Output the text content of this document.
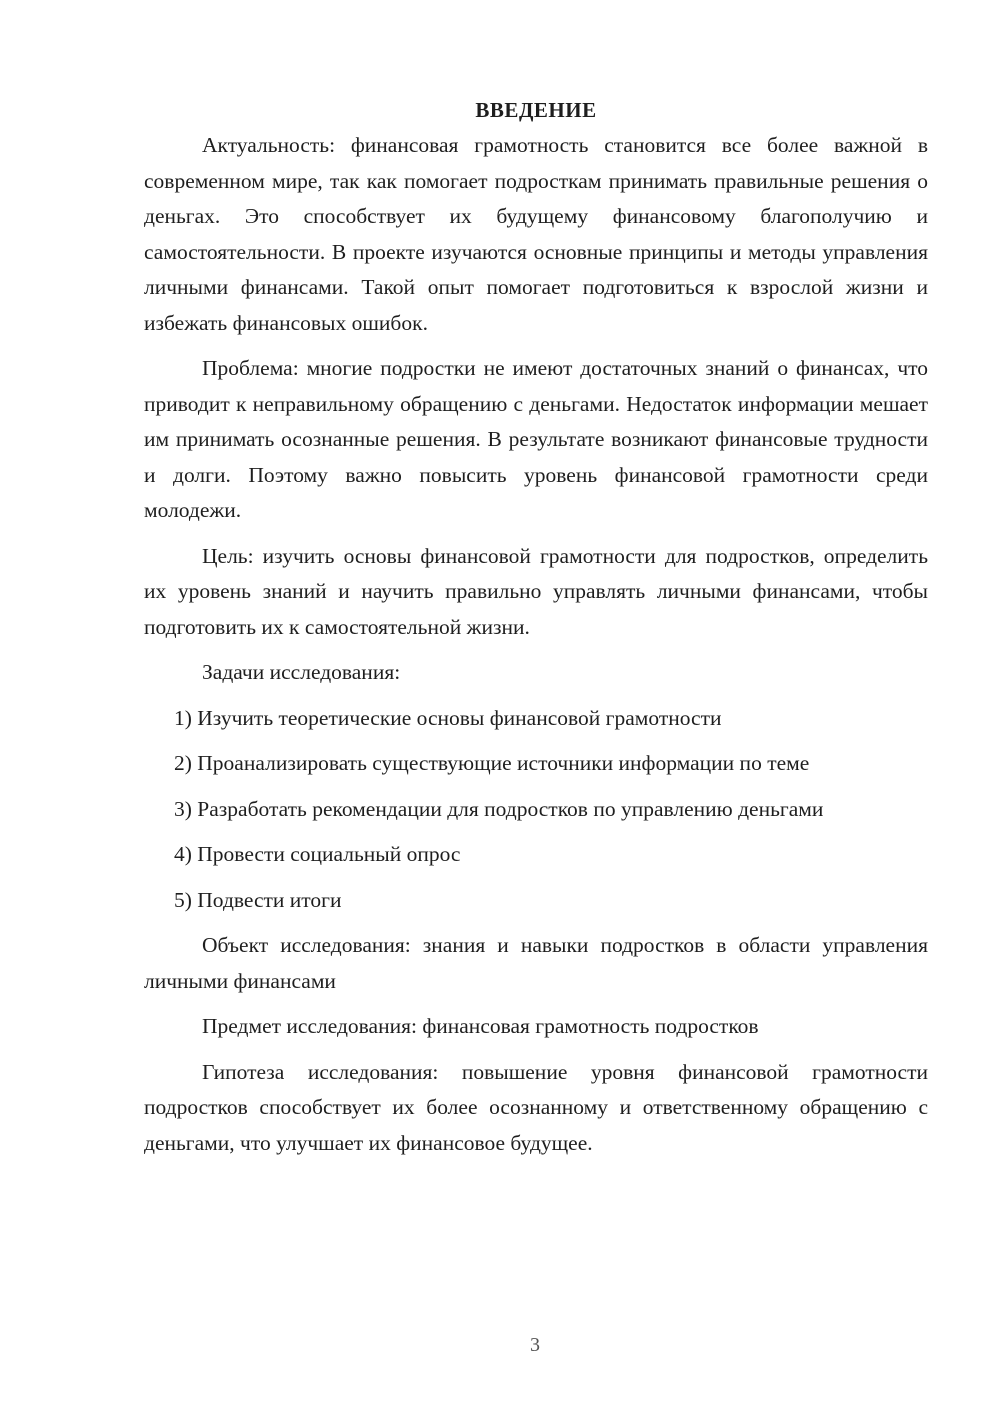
ВВЕДЕНИЕ

Актуальность: финансовая грамотность становится все более важной в современном мире, так как помогает подросткам принимать правильные решения о деньгах. Это способствует их будущему финансовому благополучию и самостоятельности. В проекте изучаются основные принципы и методы управления личными финансами. Такой опыт помогает подготовиться к взрослой жизни и избежать финансовых ошибок.

Проблема: многие подростки не имеют достаточных знаний о финансах, что приводит к неправильному обращению с деньгами. Недостаток информации мешает им принимать осознанные решения. В результате возникают финансовые трудности и долги. Поэтому важно повысить уровень финансовой грамотности среди молодежи.

Цель: изучить основы финансовой грамотности для подростков, определить их уровень знаний и научить правильно управлять личными финансами, чтобы подготовить их к самостоятельной жизни.

Задачи исследования:

1) Изучить теоретические основы финансовой грамотности

2) Проанализировать существующие источники информации по теме

3) Разработать рекомендации для подростков по управлению деньгами

4) Провести социальный опрос

5) Подвести итоги

Объект исследования: знания и навыки подростков в области управления личными финансами

Предмет исследования: финансовая грамотность подростков

Гипотеза исследования: повышение уровня финансовой грамотности подростков способствует их более осознанному и ответственному обращению с деньгами, что улучшает их финансовое будущее.

3
